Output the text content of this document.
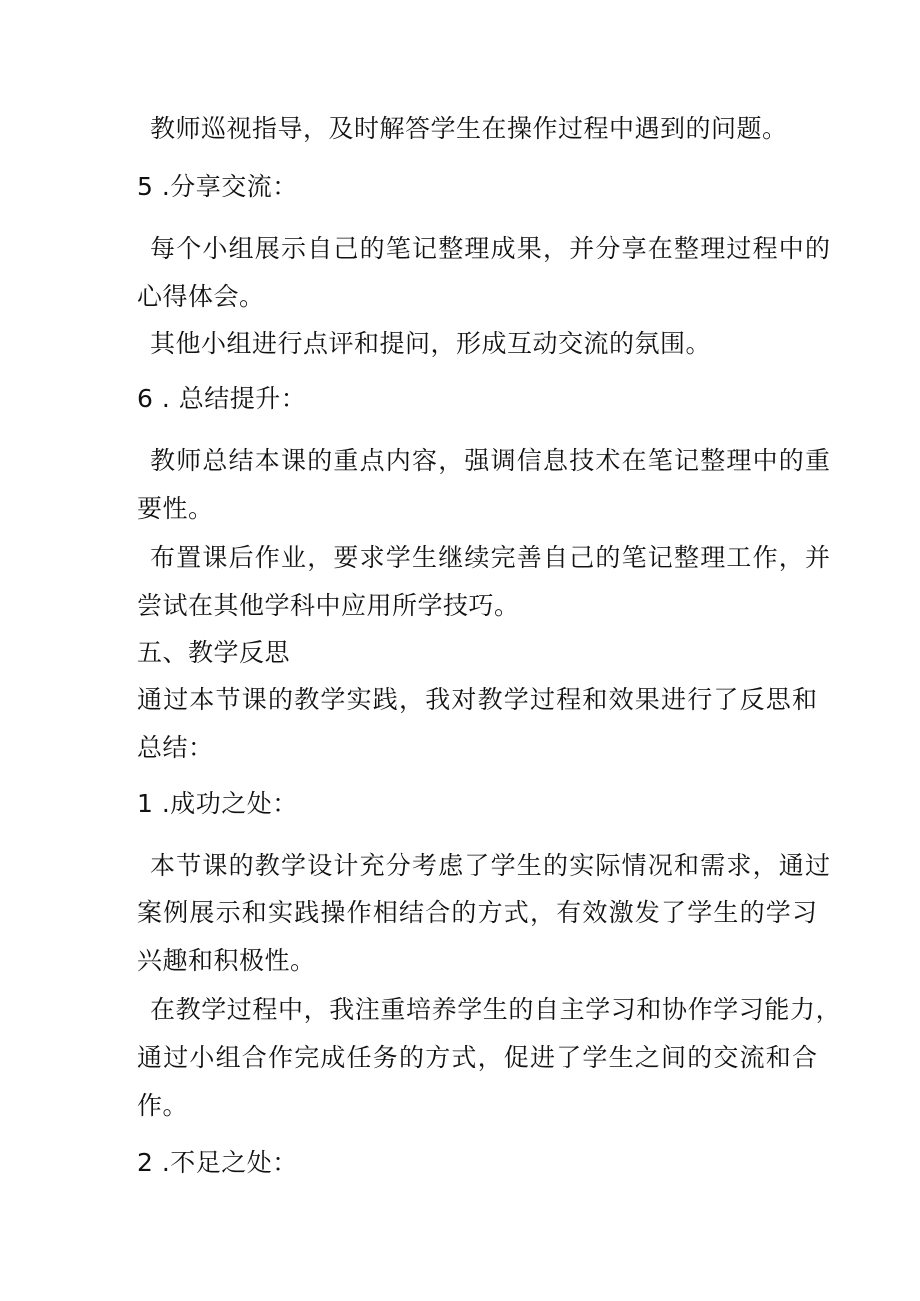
教师巡视指导，及时解答学生在操作过程中遇到的问题。
5 .分享交流：
每个小组展示自己的笔记整理成果，并分享在整理过程中的
心得体会。
其他小组进行点评和提问，形成互动交流的氛围。
6 . 总结提升：
教师总结本课的重点内容，强调信息技术在笔记整理中的重
要性。
布置课后作业，要求学生继续完善自己的笔记整理工作，并
尝试在其他学科中应用所学技巧。
五、教学反思
通过本节课的教学实践，我对教学过程和效果进行了反思和
总结：
1 .成功之处：
本节课的教学设计充分考虑了学生的实际情况和需求，通过
案例展示和实践操作相结合的方式，有效激发了学生的学习
兴趣和积极性。
在教学过程中，我注重培养学生的自主学习和协作学习能力，
通过小组合作完成任务的方式，促进了学生之间的交流和合
作。
2 .不足之处：
